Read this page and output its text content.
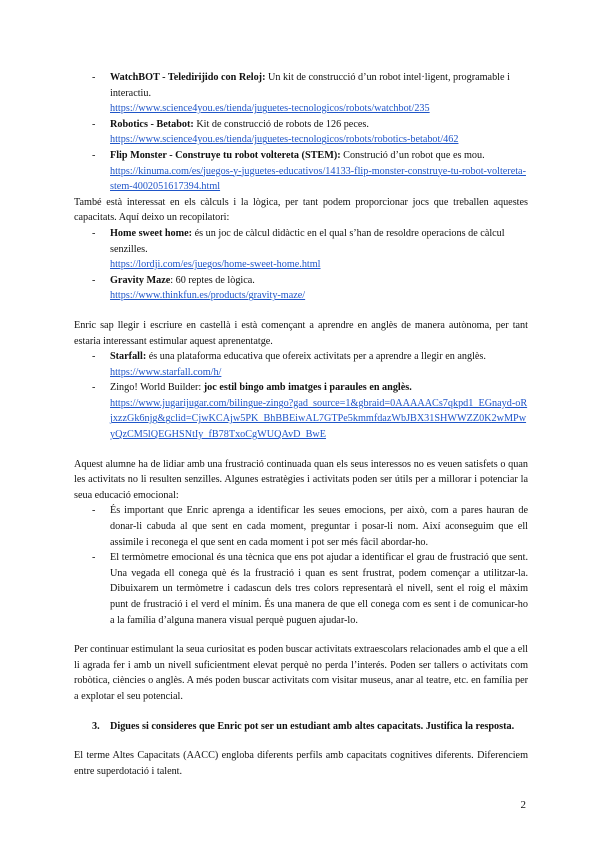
- WatchBOT - Teledirijido con Reloj: Un kit de construcció d’un robot intel·ligent, programable i interactiu.
https://www.science4you.es/tienda/juguetes-tecnologicos/robots/watchbot/235
- Robotics - Betabot: Kit de construcció de robots de 126 peces.
https://www.science4you.es/tienda/juguetes-tecnologicos/robots/robotics-betabot/462
- Flip Monster - Construye tu robot voltereta (STEM): Construció d’un robot que es mou.
https://kinuma.com/es/juegos-y-juguetes-educativos/14133-flip-monster-construye-tu-robot-voltereta-stem-4002051617394.html

També està interessat en els càlculs i la lògica, per tant podem proporcionar jocs que treballen aquestes capacitats. Aquí deixo un recopilatori:

- Home sweet home: és un joc de càlcul didàctic en el qual s’han de resoldre operacions de càlcul senzilles.
https://lordji.com/es/juegos/home-sweet-home.html
- Gravity Maze: 60 reptes de lògica.
https://www.thinkfun.es/products/gravity-maze/

Enric sap llegir i escriure en castellà i està començant a aprendre en anglès de manera autònoma, per tant estaria interessant estimular aquest aprenentatge.

- Starfall: és una plataforma educativa que ofereix activitats per a aprendre a llegir en anglès.
https://www.starfall.com/h/
- Zingo! World Builder: joc estil bingo amb imatges i paraules en anglès.
https://www.jugarijugar.com/bilingue-zingo?gad_source=1&gbraid=0AAAAACs7qkpd1_EGnayd-oRjxzzGk6njg&gclid=CjwKCAjw5PK_BhBBEiwAL7GTPe5kmmfdazWbJBX31SHWWZZ0K2wMPwyQzCM5lQEGHSNtIy_fB78TxoCgWUQAvD_BwE

Aquest alumne ha de lidiar amb una frustració continuada quan els seus interessos no es veuen satisfets o quan les activitats no li resulten senzilles. Algunes estratègies i activitats poden ser útils per a millorar i potenciar la seua educació emocional:

- És important que Enric aprenga a identificar les seues emocions, per això, com a pares hauran de donar-li cabuda al que sent en cada moment, preguntar i posar-li nom. Així aconseguim que ell assimile i reconega el que sent en cada moment i pot ser més fàcil abordar-ho.
- El termòmetre emocional és una tècnica que ens pot ajudar a identificar el grau de frustració que sent. Una vegada ell conega què és la frustració i quan es sent frustrat, podem començar a utilitzar-la. Dibuixarem un termòmetre i cadascun dels tres colors representarà el nivell, sent el roig el màxim punt de frustració i el verd el mínim. És una manera de que ell conega com es sent i de comunicar-ho a la família d’alguna manera visual perquè puguen ajudar-lo.

Per continuar estimulant la seua curiositat es poden buscar activitats extraescolars relacionades amb el que a ell li agrada fer i amb un nivell suficientment elevat perquè no perda l’interés. Poden ser tallers o activitats com robòtica, ciències o anglès. A més poden buscar activitats com visitar museus, anar al teatre, etc. en família per a explotar el seu potencial.

3. Digues si consideres que Enric pot ser un estudiant amb altes capacitats. Justifica la resposta.

El terme Altes Capacitats (AACC) engloba diferents perfils amb capacitats cognitives diferents. Diferenciem entre superdotació i talent.

2
